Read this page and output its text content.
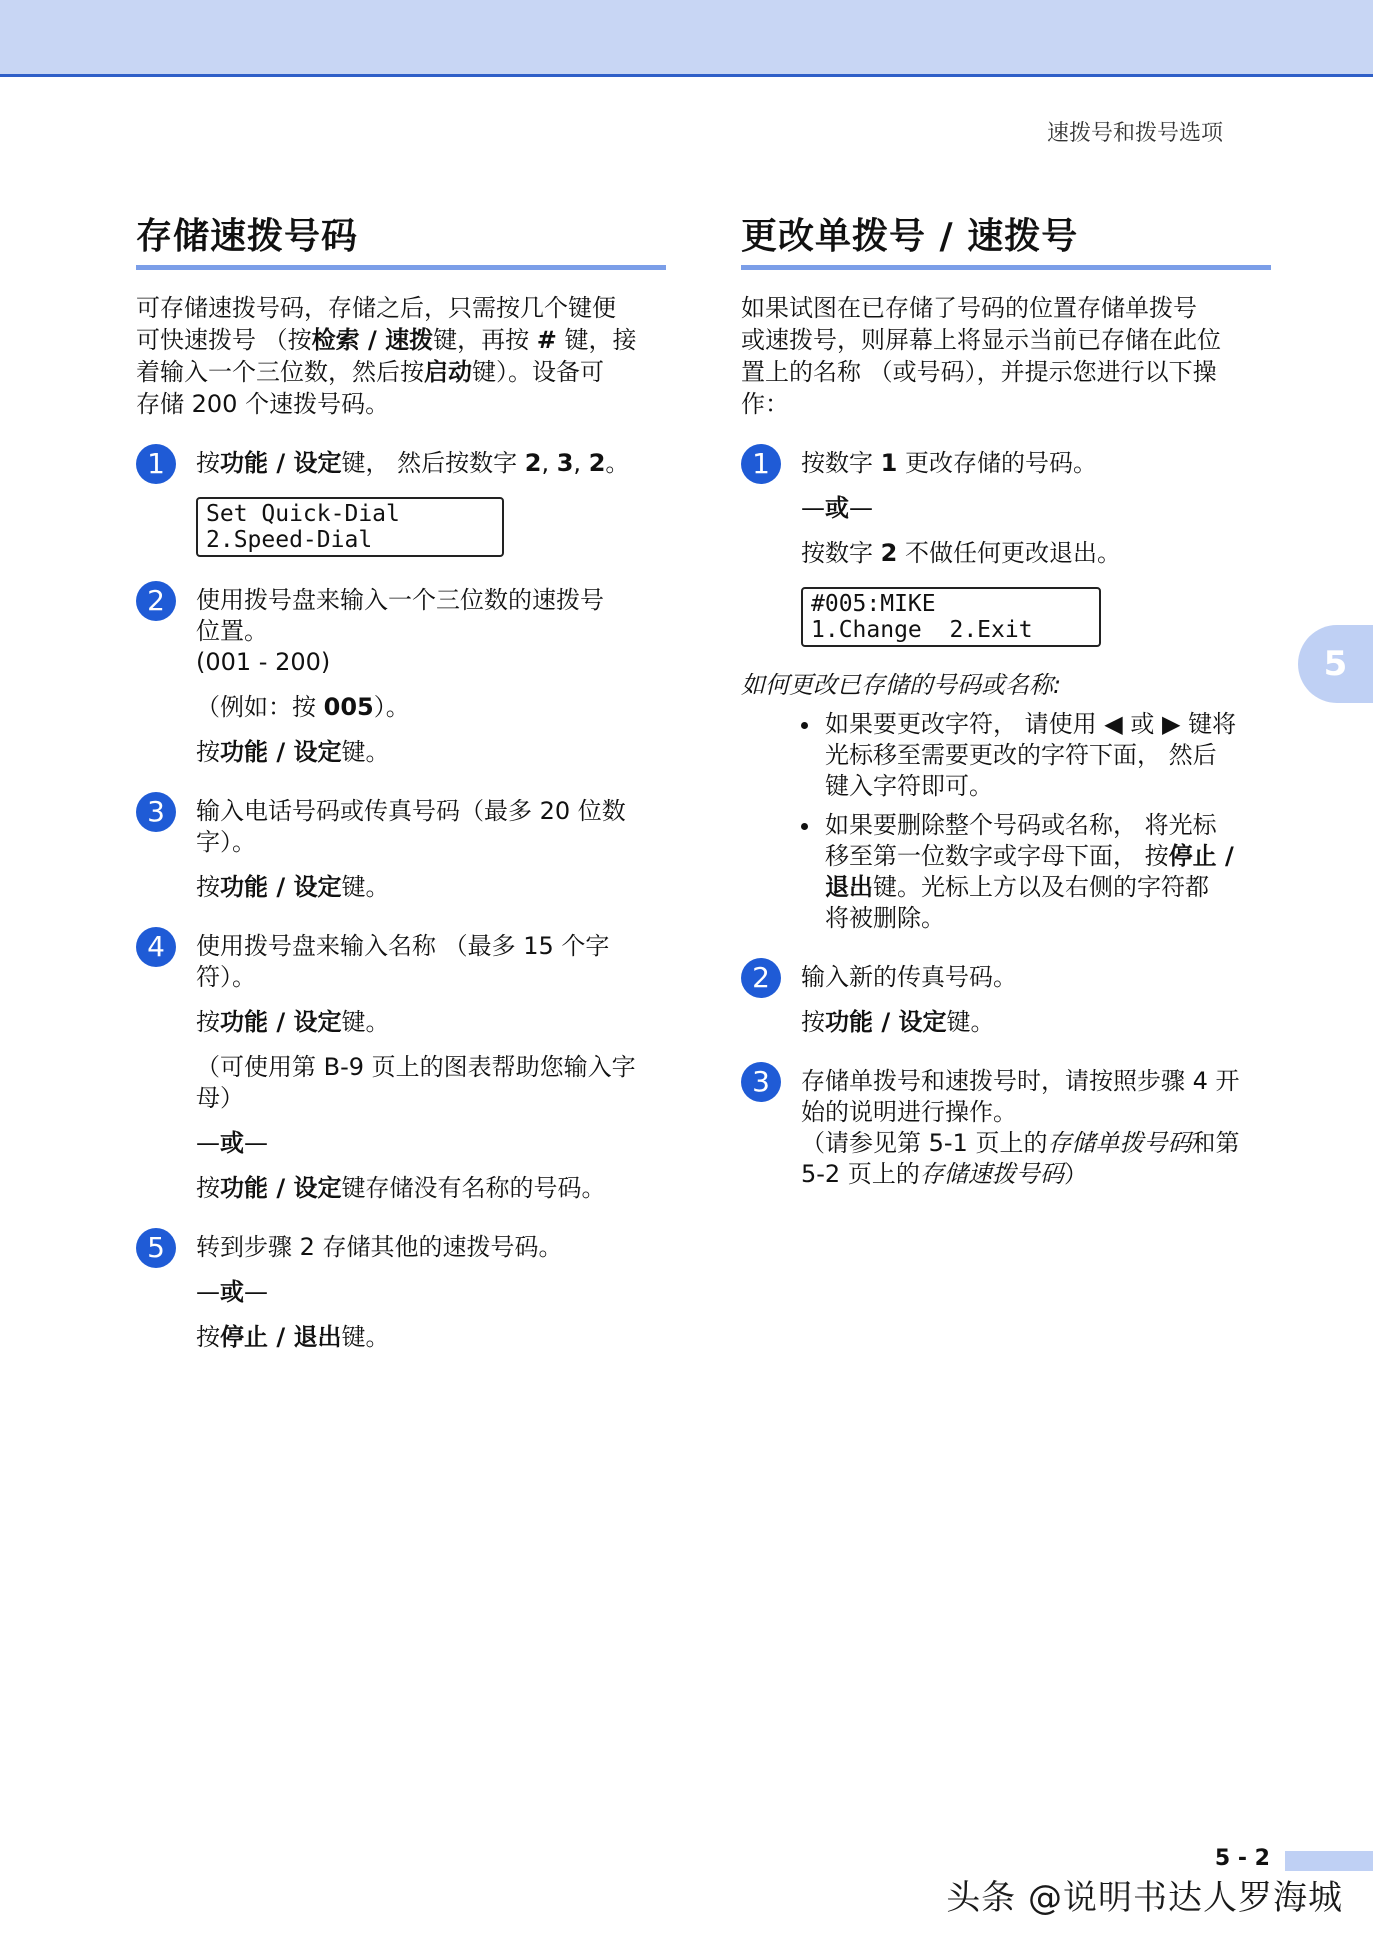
速拨号和拨号选项
存储速拨号码
可存储速拨号码，存储之后，只需按几个键便
可快速拨号 （按检索 / 速拨键，再按 # 键，接
着输入一个三位数，然后按启动键）。设备可
存储 200 个速拨号码。
1	按功能 / 设定键， 然后按数字 2, 3, 2。
Set Quick-Dial
2.Speed-Dial
2	使用拨号盘来输入一个三位数的速拨号
位置。
(001 - 200)
（例如：按 005）。
按功能 / 设定键。
3	输入电话号码或传真号码（最多 20 位数
字）。
按功能 / 设定键。
4	使用拨号盘来输入名称 （最多 15 个字
符）。
按功能 / 设定键。
（可使用第 B-9 页上的图表帮助您输入字
母）
—或—
按功能 / 设定键存储没有名称的号码。
5	转到步骤 2 存储其他的速拨号码。
—或—
按停止 / 退出键。
更改单拨号 / 速拨号
如果试图在已存储了号码的位置存储单拨号
或速拨号，则屏幕上将显示当前已存储在此位
置上的名称 （或号码），并提示您进行以下操
作：
1	按数字 1 更改存储的号码。
—或—
按数字 2 不做任何更改退出。
#005:MIKE
1.Change  2.Exit
如何更改已存储的号码或名称:
如果要更改字符， 请使用 ◀ 或 ▶ 键将
光标移至需要更改的字符下面， 然后
键入字符即可。
如果要删除整个号码或名称， 将光标
移至第一位数字或字母下面， 按停止 /
退出键。光标上方以及右侧的字符都
将被删除。
2	输入新的传真号码。
按功能 / 设定键。
3	存储单拨号和速拨号时，请按照步骤 4 开
始的说明进行操作。
（请参见第 5-1 页上的存储单拨号码和第
5-2 页上的存储速拨号码）
5
5 - 2
头条 @说明书达人罗海城
